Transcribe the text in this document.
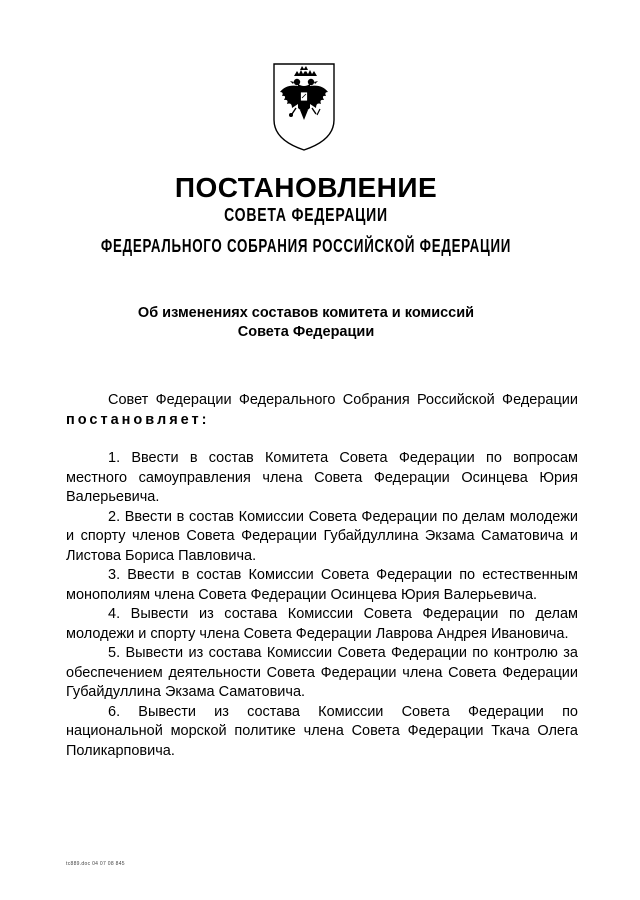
ПОСТАНОВЛЕНИЕ
СОВЕТА ФЕДЕРАЦИИ
ФЕДЕРАЛЬНОГО СОБРАНИЯ РОССИЙСКОЙ ФЕДЕРАЦИИ
Об изменениях составов комитета и комиссий
Совета Федерации

Совет Федерации Федерального Собрания Российской Федерации постановляет:

1. Ввести в состав Комитета Совета Федерации по вопросам местного самоуправления члена Совета Федерации Осинцева Юрия Валерьевича.

2. Ввести в состав Комиссии Совета Федерации по делам молодежи и спорту членов Совета Федерации Губайдуллина Экзама Саматовича и Листова Бориса Павловича.

3. Ввести в состав Комиссии Совета Федерации по естественным монополиям члена Совета Федерации Осинцева Юрия Валерьевича.

4. Вывести из состава Комиссии Совета Федерации по делам молодежи и спорту члена Совета Федерации Лаврова Андрея Ивановича.

5. Вывести из состава Комиссии Совета Федерации по контролю за обеспечением деятельности Совета Федерации члена Совета Федерации Губайдуллина Экзама Саматовича.

6. Вывести из состава Комиссии Совета Федерации по национальной морской политике члена Совета Федерации Ткача Олега Поликарповича.

tc889.doc 04 07 08 845
